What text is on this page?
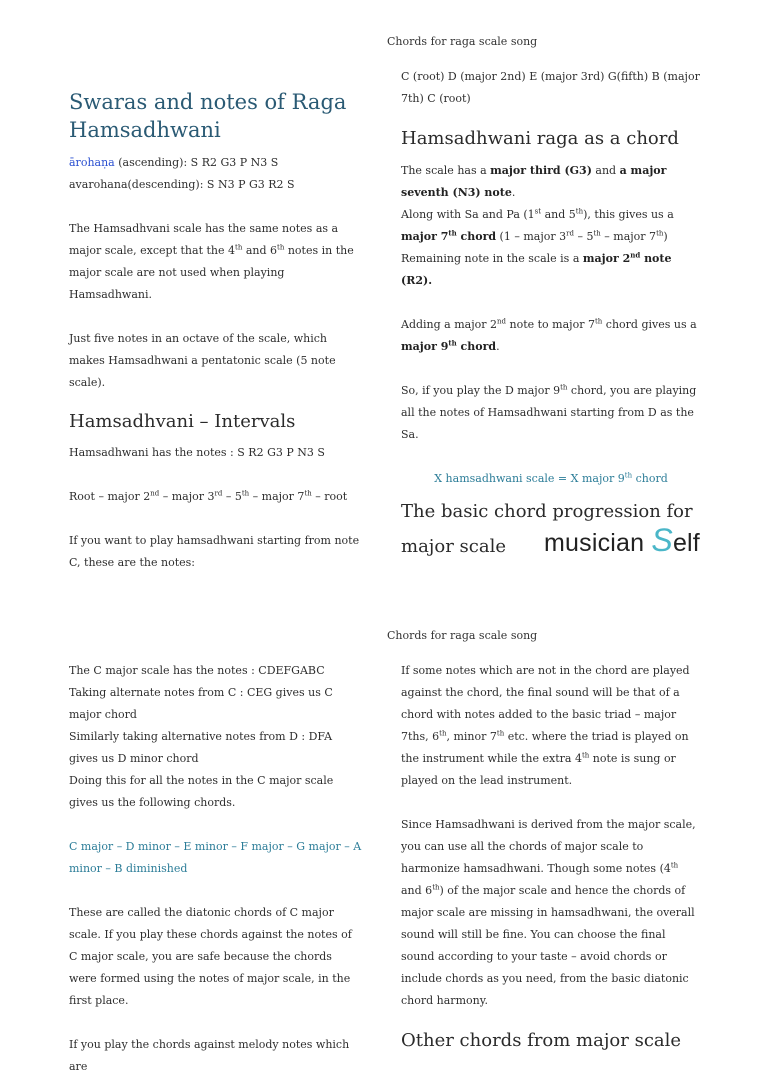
Chords for raga scale song
Swaras and notes of Raga Hamsadhwani

ārohaṇa (ascending): S R2 G3 P N3 S

avarohana(descending): S N3 P G3 R2 S

The Hamsadhvani scale has the same notes as a major scale, except that the 4th and 6th notes in the major scale are not used when playing Hamsadhwani.

Just five notes in an octave of the scale, which makes Hamsadhwani a pentatonic scale (5 note scale).

Hamsadhvani – Intervals

Hamsadhwani has the notes : S R2 G3 P N3 S

Root – major 2nd – major 3rd – 5th – major 7th – root

If you want to play hamsadhwani starting from note C, these are the notes:

C (root) D (major 2nd) E (major 3rd) G(fifth) B (major 7th) C (root)

Hamsadhwani raga as a chord

The scale has a major third (G3) and a major seventh (N3) note.

Along with Sa and Pa (1st and 5th), this gives us a major 7th chord (1 – major 3rd – 5th – major 7th)

Remaining note in the scale is a major 2nd note (R2).

Adding a major 2nd note to major 7th chord gives us a major 9th chord.

So, if you play the D major 9th chord, you are playing all the notes of Hamsadhwani starting from D as the Sa.

X hamsadhwani scale = X major 9th chord

The basic chord progression for major scale	musician Self
Chords for raga scale song

The C major scale has the notes : CDEFGABC

Taking alternate notes from C : CEG gives us C major chord

Similarly taking alternative notes from D : DFA gives us D minor chord

Doing this for all the notes in the C major scale gives us the following chords.

C major – D minor – E minor – F major – G major – A minor – B diminished

These are called the diatonic chords of C major scale. If you play these chords against the notes of C major scale, you are safe because the chords were formed using the notes of major scale, in the first place.

If you play the chords against melody notes which are

If some notes which are not in the chord are played against the chord, the final sound will be that of a chord with notes added to the basic triad – major 7ths, 6th, minor 7th etc. where the triad is played on the instrument while the extra 4th note is sung or played on the lead instrument.

Since Hamsadhwani is derived from the major scale, you can use all the chords of major scale to harmonize hamsadhwani. Though some notes (4th and 6th) of the major scale and hence the chords of major scale are missing in hamsadhwani, the overall sound will still be fine. You can choose the final sound according to your taste – avoid chords or include chords as you need, from the basic diatonic chord harmony.

Other chords from major scale
